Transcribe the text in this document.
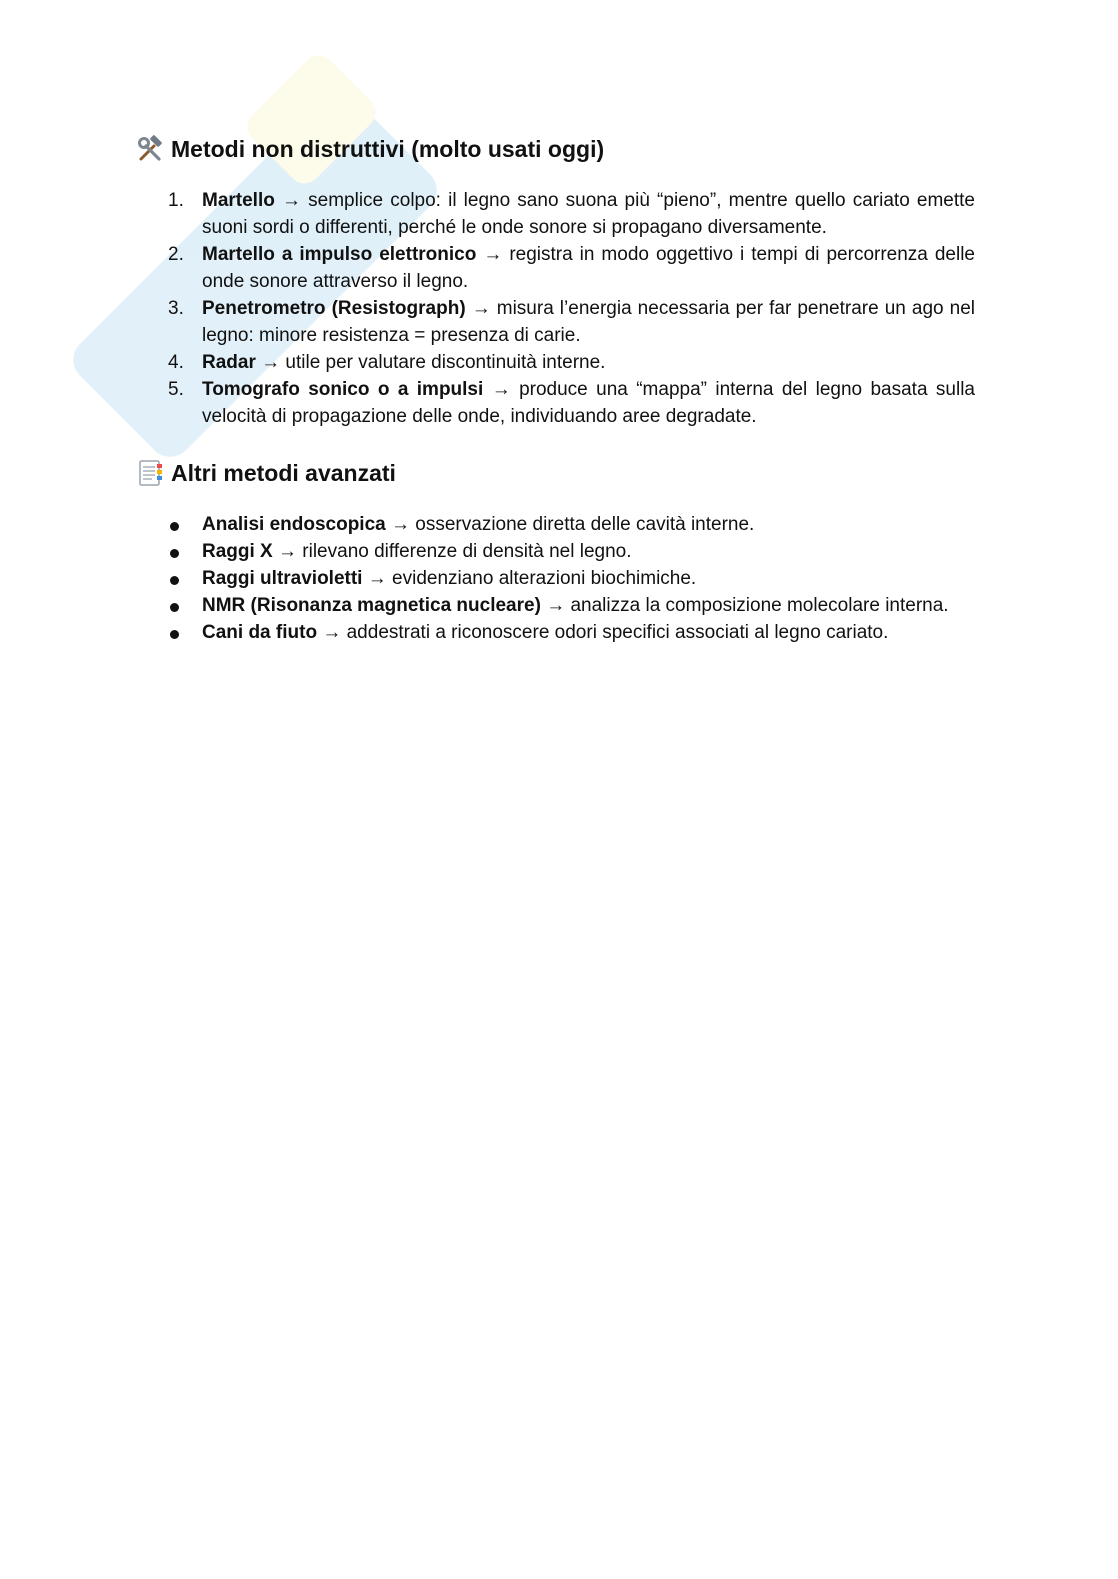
Metodi non distruttivi (molto usati oggi)
1. Martello → semplice colpo: il legno sano suona più “pieno”, mentre quello cariato emette suoni sordi o differenti, perché le onde sonore si propagano diversamente.
2. Martello a impulso elettronico → registra in modo oggettivo i tempi di percorrenza delle onde sonore attraverso il legno.
3. Penetrometro (Resistograph) → misura l’energia necessaria per far penetrare un ago nel legno: minore resistenza = presenza di carie.
4. Radar → utile per valutare discontinuità interne.
5. Tomografo sonico o a impulsi → produce una “mappa” interna del legno basata sulla velocità di propagazione delle onde, individuando aree degradate.
Altri metodi avanzati
Analisi endoscopica → osservazione diretta delle cavità interne.
Raggi X → rilevano differenze di densità nel legno.
Raggi ultravioletti → evidenziano alterazioni biochimiche.
NMR (Risonanza magnetica nucleare) → analizza la composizione molecolare interna.
Cani da fiuto → addestrati a riconoscere odori specifici associati al legno cariato.
